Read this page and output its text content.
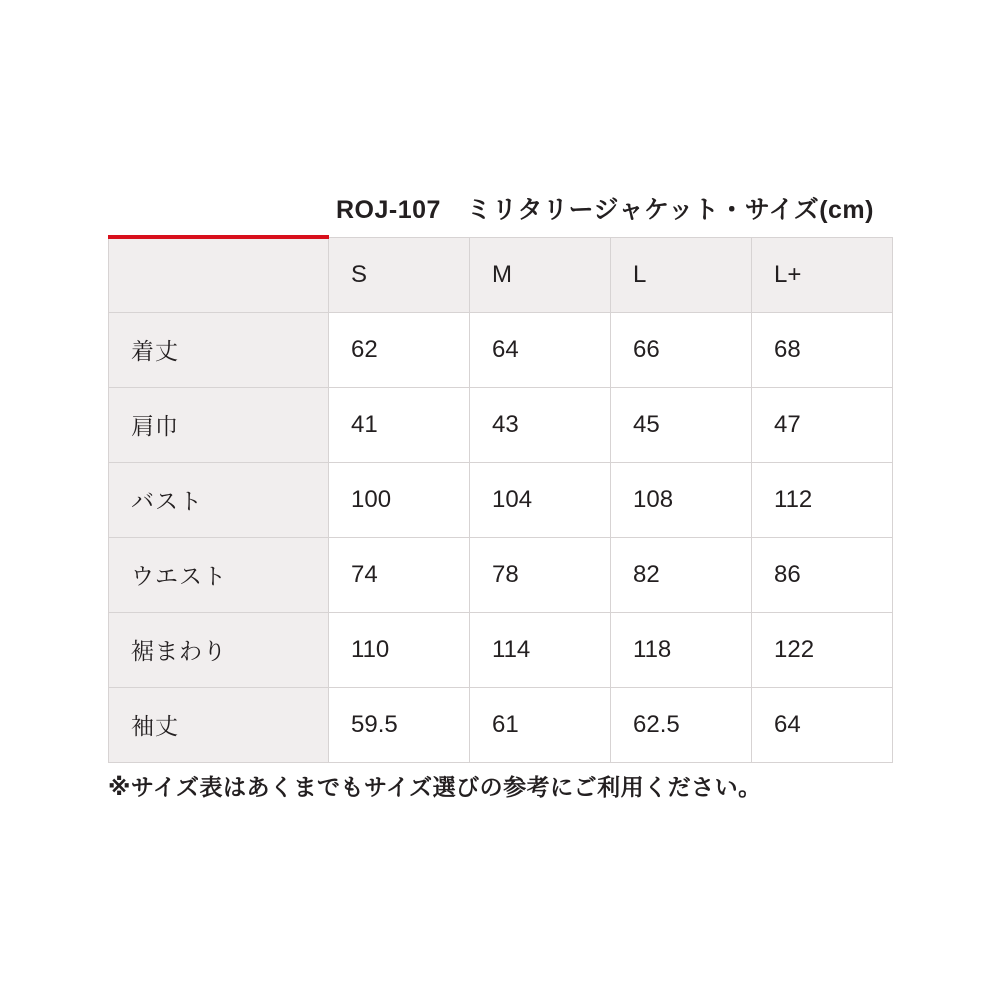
ROJ-107　ミリタリージャケット・サイズ(cm)
	S	M	L	L+
着丈	62	64	66	68
肩巾	41	43	45	47
バスト	100	104	108	112
ウエスト	74	78	82	86
裾まわり	110	114	118	122
袖丈	59.5	61	62.5	64
※サイズ表はあくまでもサイズ選びの参考にご利用ください。
